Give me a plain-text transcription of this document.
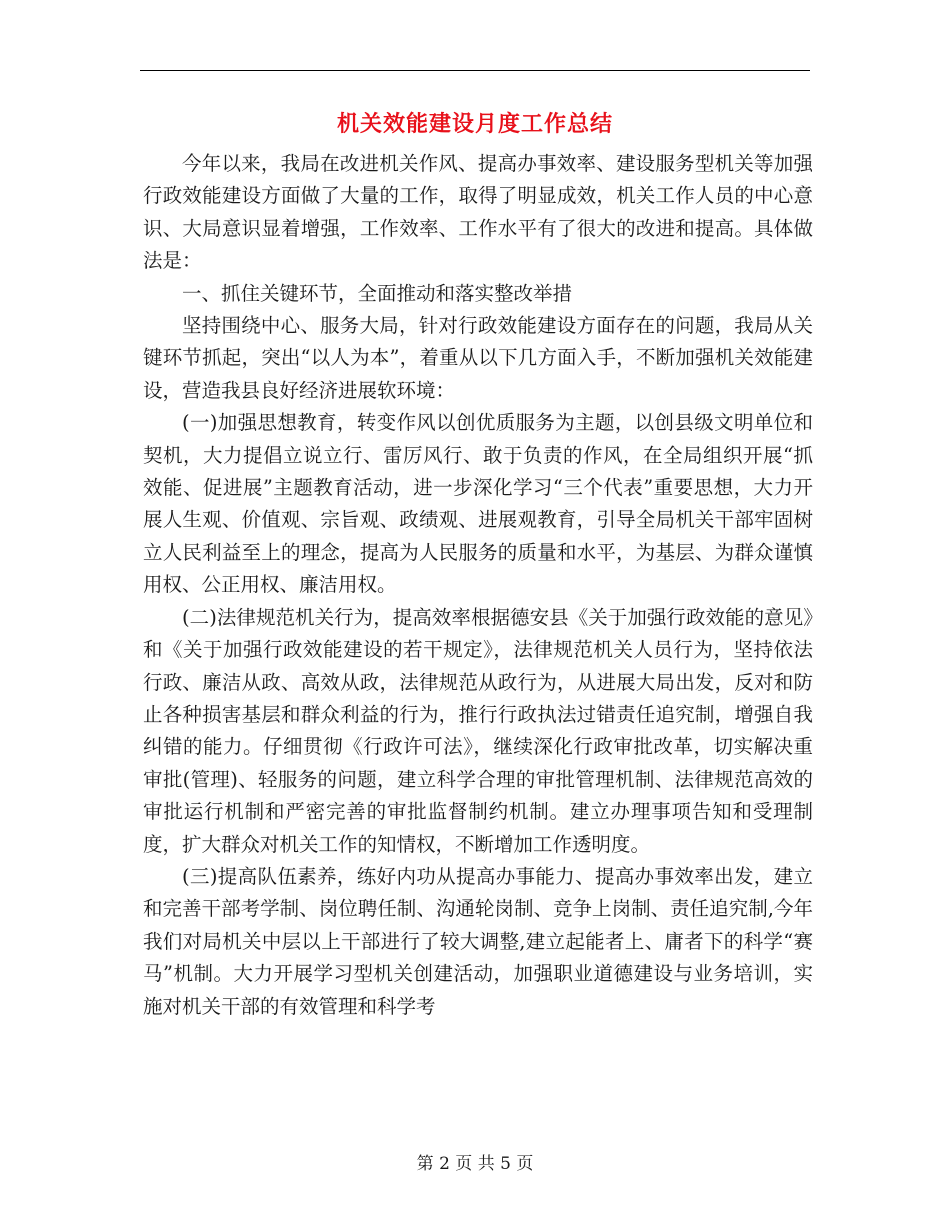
机关效能建设月度工作总结

今年以来，我局在改进机关作风、提高办事效率、建设服务型机关等加强行政效能建设方面做了大量的工作，取得了明显成效，机关工作人员的中心意识、大局意识显着增强，工作效率、工作水平有了很大的改进和提高。具体做法是：

一、抓住关键环节，全面推动和落实整改举措

坚持围绕中心、服务大局，针对行政效能建设方面存在的问题，我局从关键环节抓起，突出“以人为本”，着重从以下几方面入手，不断加强机关效能建设，营造我县良好经济进展软环境：

(一)加强思想教育，转变作风以创优质服务为主题，以创县级文明单位和契机，大力提倡立说立行、雷厉风行、敢于负责的作风，在全局组织开展“抓效能、促进展”主题教育活动，进一步深化学习“三个代表”重要思想，大力开展人生观、价值观、宗旨观、政绩观、进展观教育，引导全局机关干部牢固树立人民利益至上的理念，提高为人民服务的质量和水平，为基层、为群众谨慎用权、公正用权、廉洁用权。

(二)法律规范机关行为，提高效率根据德安县《关于加强行政效能的意见》和《关于加强行政效能建设的若干规定》，法律规范机关人员行为，坚持依法行政、廉洁从政、高效从政，法律规范从政行为，从进展大局出发，反对和防止各种损害基层和群众利益的行为，推行行政执法过错责任追究制，增强自我纠错的能力。仔细贯彻《行政许可法》，继续深化行政审批改革，切实解决重审批(管理)、轻服务的问题，建立科学合理的审批管理机制、法律规范高效的审批运行机制和严密完善的审批监督制约机制。建立办理事项告知和受理制度，扩大群众对机关工作的知情权，不断增加工作透明度。

(三)提高队伍素养，练好内功从提高办事能力、提高办事效率出发，建立和完善干部考学制、岗位聘任制、沟通轮岗制、竞争上岗制、责任追究制,今年我们对局机关中层以上干部进行了较大调整,建立起能者上、庸者下的科学“赛马”机制。大力开展学习型机关创建活动，加强职业道德建设与业务培训，实施对机关干部的有效管理和科学考

第 2 页 共 5 页
